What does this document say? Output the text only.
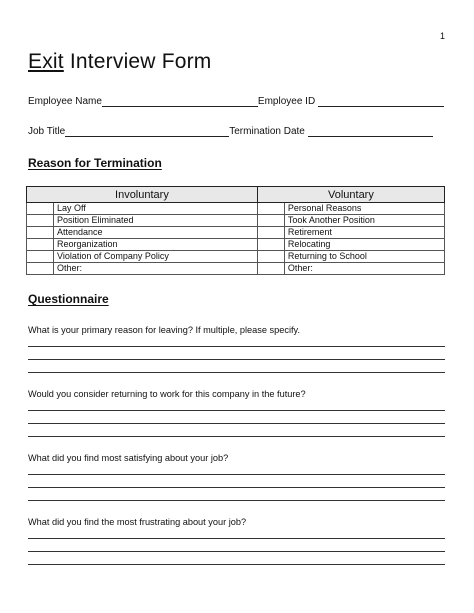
1
Exit Interview Form
Employee Name	Employee ID
Job Title	Termination Date
Reason for Termination
Involuntary		Voluntary	
	Lay Off		Personal Reasons
	Position Eliminated		Took Another Position
	Attendance		Retirement
	Reorganization		Relocating
	Violation of Company Policy		Returning to School
	Other:		Other:
Questionnaire

What is your primary reason for leaving? If multiple, please specify.

Would you consider returning to work for this company in the future?

What did you find most satisfying about your job?

What did you find the most frustrating about your job?
